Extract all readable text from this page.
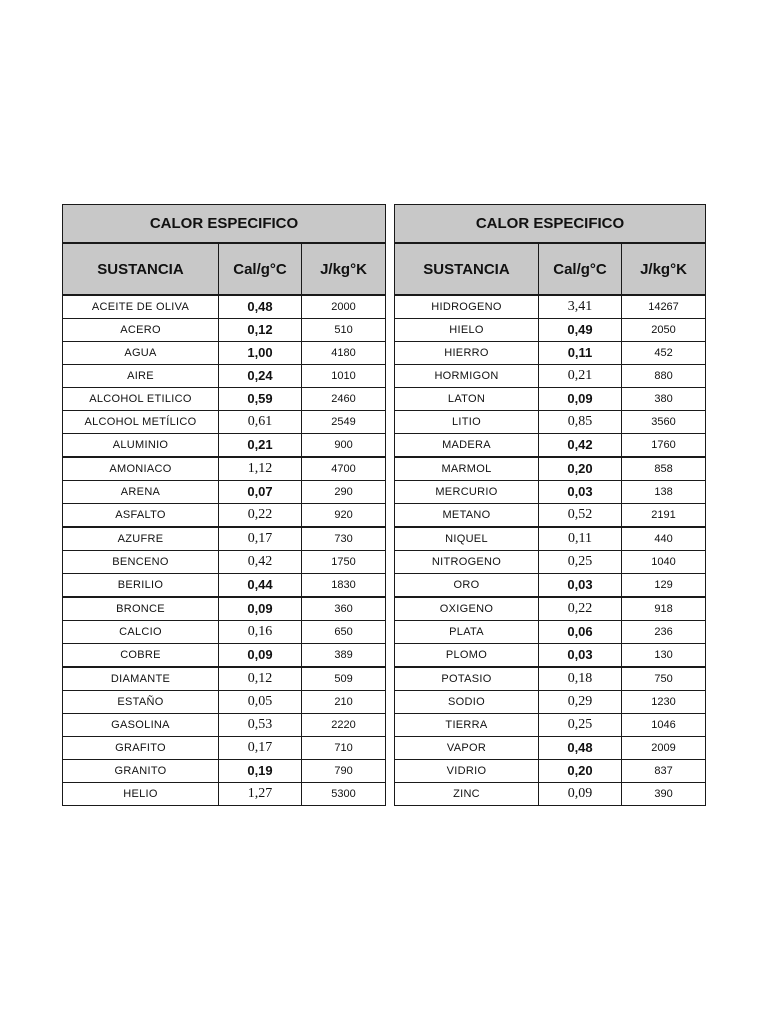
CALOR ESPECIFICO		
SUSTANCIA	Cal/g°C	J/kg°K
ACEITE DE OLIVA	0,48	2000
ACERO	0,12	510
AGUA	1,00	4180
AIRE	0,24	1010
ALCOHOL ETILICO	0,59	2460
ALCOHOL METÍLICO	0,61	2549
ALUMINIO	0,21	900
AMONIACO	1,12	4700
ARENA	0,07	290
ASFALTO	0,22	920
AZUFRE	0,17	730
BENCENO	0,42	1750
BERILIO	0,44	1830
BRONCE	0,09	360
CALCIO	0,16	650
COBRE	0,09	389
DIAMANTE	0,12	509
ESTAÑO	0,05	210
GASOLINA	0,53	2220
GRAFITO	0,17	710
GRANITO	0,19	790
HELIO	1,27	5300
CALOR ESPECIFICO		
SUSTANCIA	Cal/g°C	J/kg°K
HIDROGENO	3,41	14267
HIELO	0,49	2050
HIERRO	0,11	452
HORMIGON	0,21	880
LATON	0,09	380
LITIO	0,85	3560
MADERA	0,42	1760
MARMOL	0,20	858
MERCURIO	0,03	138
METANO	0,52	2191
NIQUEL	0,11	440
NITROGENO	0,25	1040
ORO	0,03	129
OXIGENO	0,22	918
PLATA	0,06	236
PLOMO	0,03	130
POTASIO	0,18	750
SODIO	0,29	1230
TIERRA	0,25	1046
VAPOR	0,48	2009
VIDRIO	0,20	837
ZINC	0,09	390
